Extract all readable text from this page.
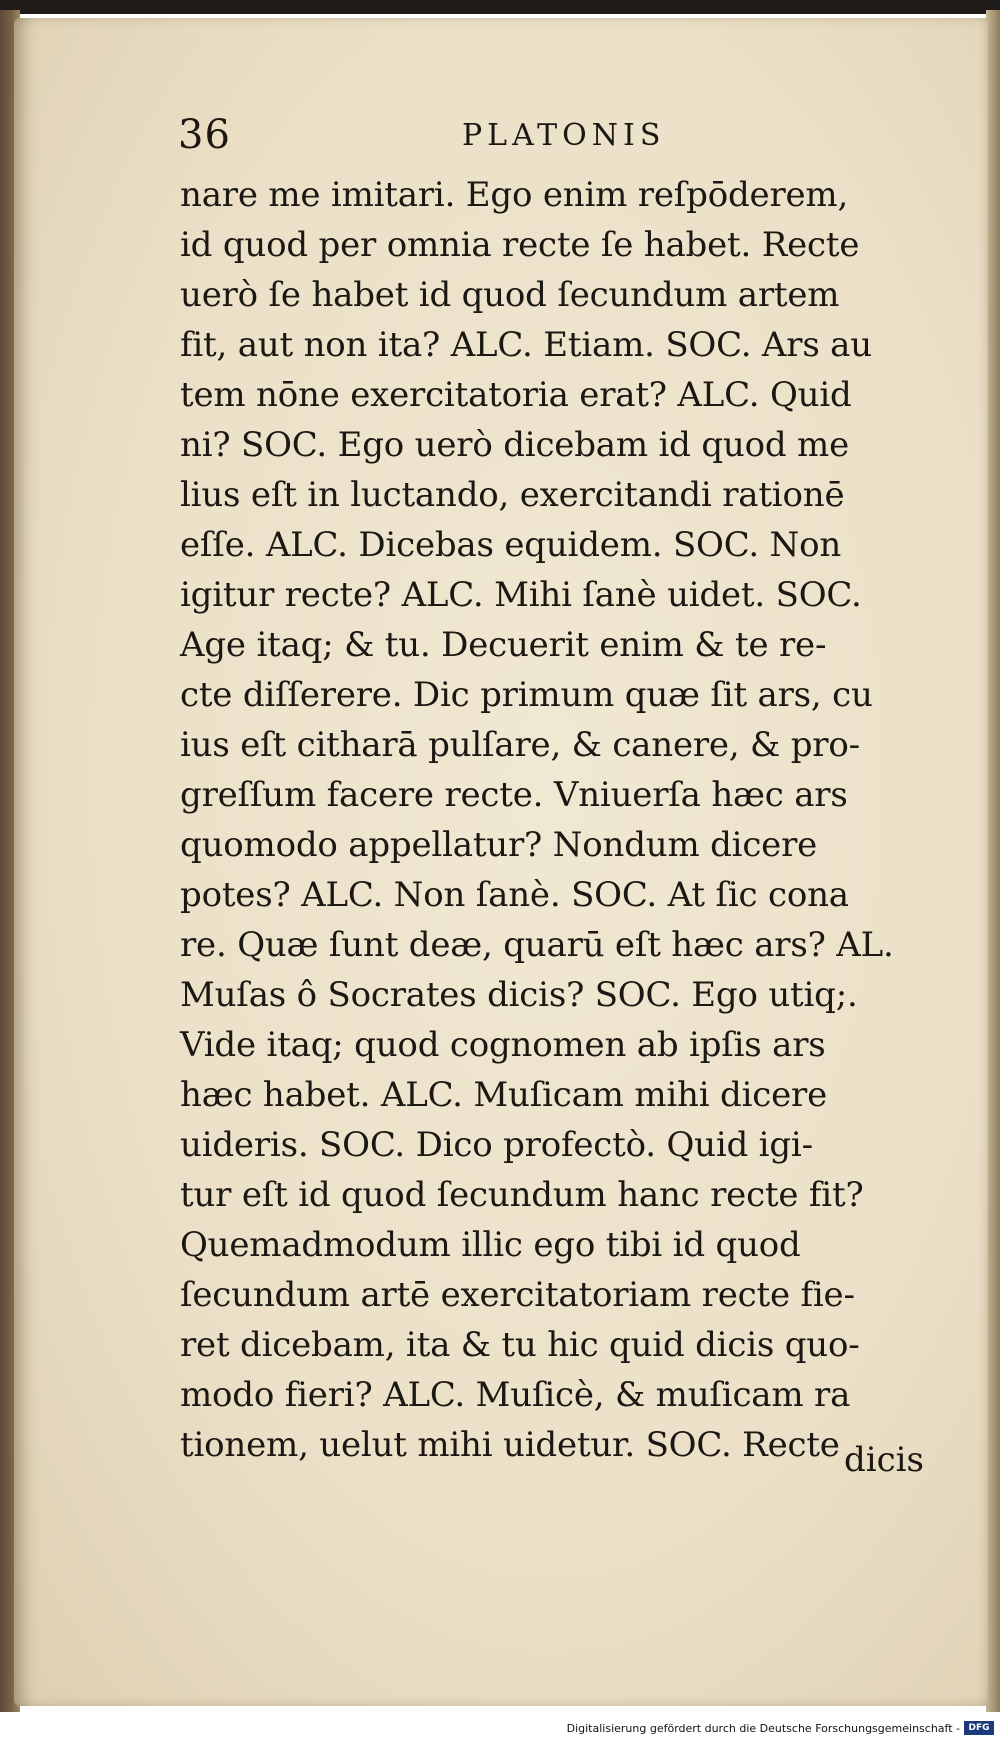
36	PLATONIS
nare me imitari. Ego enim reſpōderem,
id quod per omnia recte ſe habet. Recte
uerò ſe habet id quod ſecundum artem
fit, aut non ita? ALC. Etiam. SOC. Ars au
tem nōne exercitatoria erat? ALC. Quid
ni? SOC. Ego uerò dicebam id quod me
lius eſt in luctando, exercitandi rationē
eſſe. ALC. Dicebas equidem. SOC. Non
igitur recte? ALC. Mihi ſanè uidet. SOC.
Age itaq; & tu. Decuerit enim & te re-
cte diſſerere. Dic primum quæ ſit ars, cu
ius eſt citharā pulſare, & canere, & pro-
greſſum facere recte. Vniuerſa hæc ars
quomodo appellatur? Nondum dicere
potes? ALC. Non ſanè. SOC. At ſic cona
re. Quæ ſunt deæ, quarū eſt hæc ars? AL.
Muſas ô Socrates dicis? SOC. Ego utiq;.
Vide itaq; quod cognomen ab ipſis ars
hæc habet. ALC. Muſicam mihi dicere
uideris. SOC. Dico profectò. Quid igi-
tur eſt id quod ſecundum hanc recte fit?
Quemadmodum illic ego tibi id quod
ſecundum artē exercitatoriam recte fie-
ret dicebam, ita & tu hic quid dicis quo-
modo fieri? ALC. Muſicè, & muſicam ra
tionem, uelut mihi uidetur. SOC. Recte dicis
Digitalisierung gefördert durch die Deutsche Forschungsgemeinschaft - DFG
